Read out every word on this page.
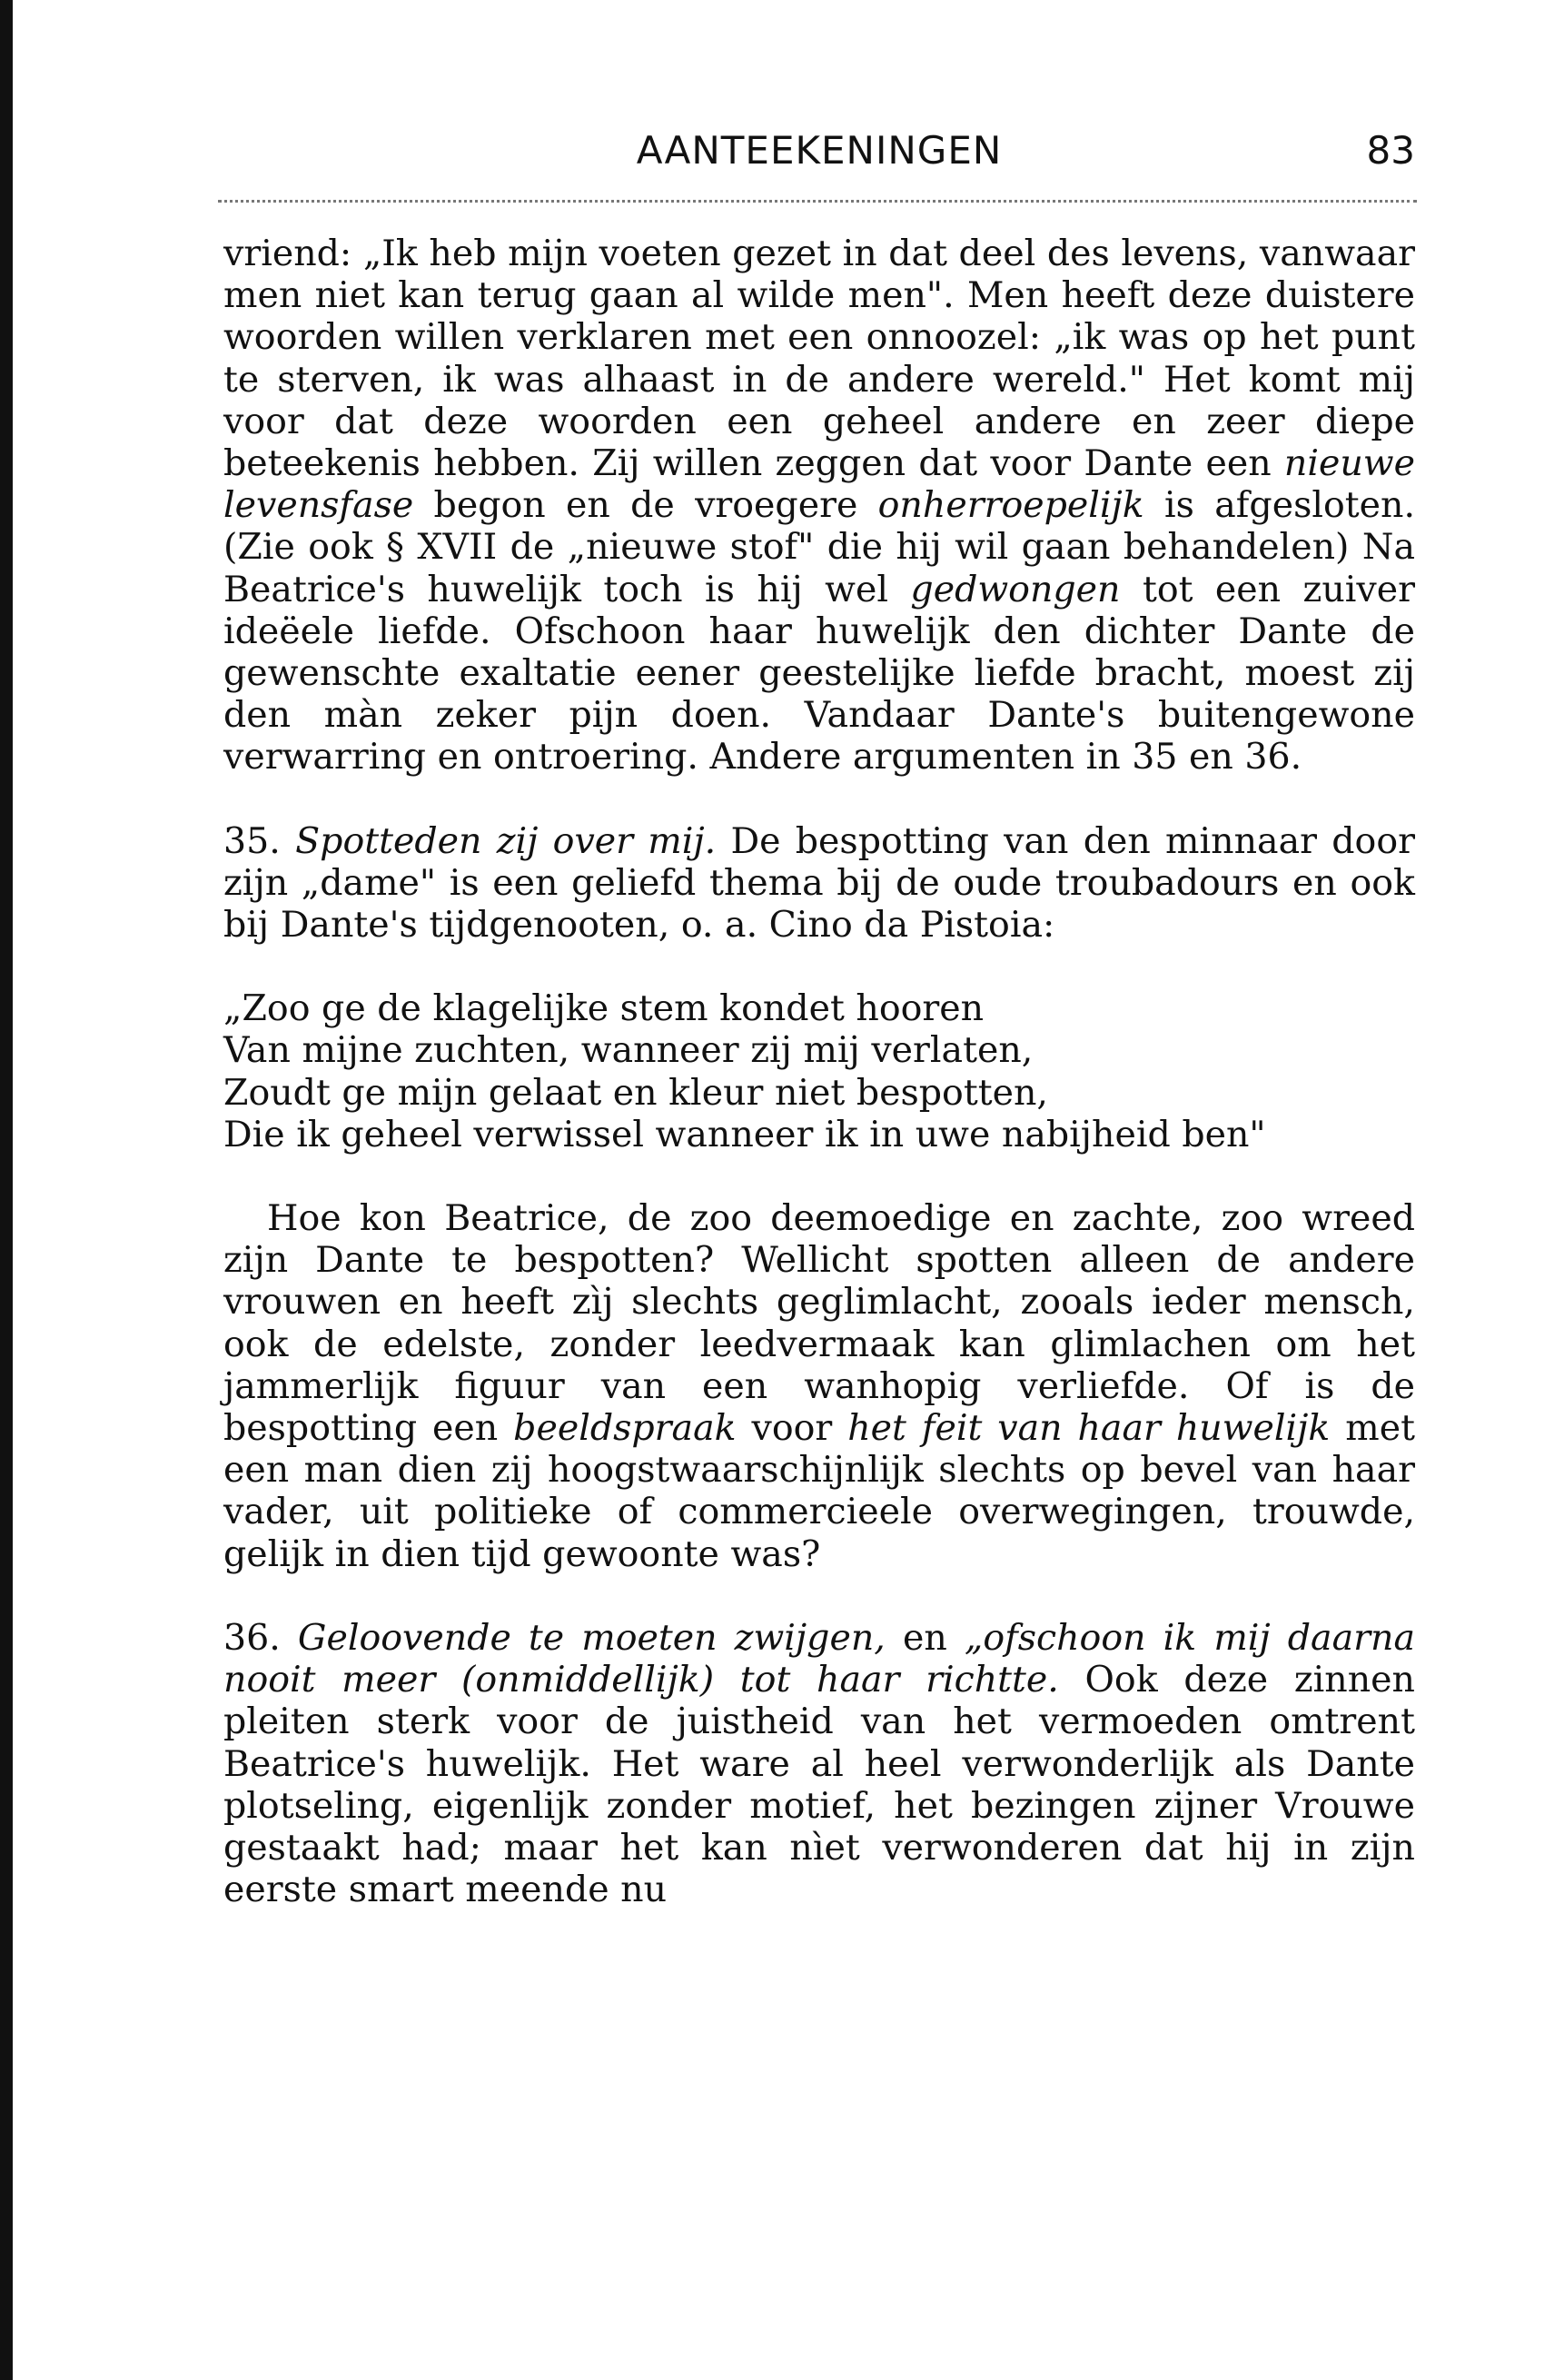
AANTEEKENINGEN	83

vriend: „Ik heb mijn voeten gezet in dat deel des levens, vanwaar men niet kan terug gaan al wilde men". Men heeft deze duistere woorden willen verklaren met een onnoozel: „ik was op het punt te sterven, ik was alhaast in de andere wereld." Het komt mij voor dat deze woorden een geheel andere en zeer diepe beteekenis hebben. Zij willen zeggen dat voor Dante een nieuwe levensfase begon en de vroegere onherroepelijk is afgesloten. (Zie ook § XVII de „nieuwe stof" die hij wil gaan behandelen) Na Beatrice's huwelijk toch is hij wel gedwongen tot een zuiver ideëele liefde. Ofschoon haar huwelijk den dichter Dante de gewenschte exaltatie eener geestelijke liefde bracht, moest zij den màn zeker pijn doen. Vandaar Dante's buitengewone verwarring en ontroering. Andere argumenten in 35 en 36.

35. Spotteden zij over mij. De bespotting van den minnaar door zijn „dame" is een geliefd thema bij de oude troubadours en ook bij Dante's tijdgenooten, o. a. Cino da Pistoia:

„Zoo ge de klagelijke stem kondet hooren
Van mijne zuchten, wanneer zij mij verlaten,
Zoudt ge mijn gelaat en kleur niet bespotten,
Die ik geheel verwissel wanneer ik in uwe nabijheid ben"

Hoe kon Beatrice, de zoo deemoedige en zachte, zoo wreed zijn Dante te bespotten? Wellicht spotten alleen de andere vrouwen en heeft zìj slechts geglimlacht, zooals ieder mensch, ook de edelste, zonder leedvermaak kan glimlachen om het jammerlijk figuur van een wanhopig verliefde. Of is de bespotting een beeldspraak voor het feit van haar huwelijk met een man dien zij hoogstwaarschijnlijk slechts op bevel van haar vader, uit politieke of commercieele overwegingen, trouwde, gelijk in dien tijd gewoonte was?

36. Geloovende te moeten zwijgen, en „ofschoon ik mij daarna nooit meer (onmiddellijk) tot haar richtte. Ook deze zinnen pleiten sterk voor de juistheid van het vermoeden omtrent Beatrice's huwelijk. Het ware al heel verwonderlijk als Dante plotseling, eigenlijk zonder motief, het bezingen zijner Vrouwe gestaakt had; maar het kan nìet verwonderen dat hij in zijn eerste smart meende nu
